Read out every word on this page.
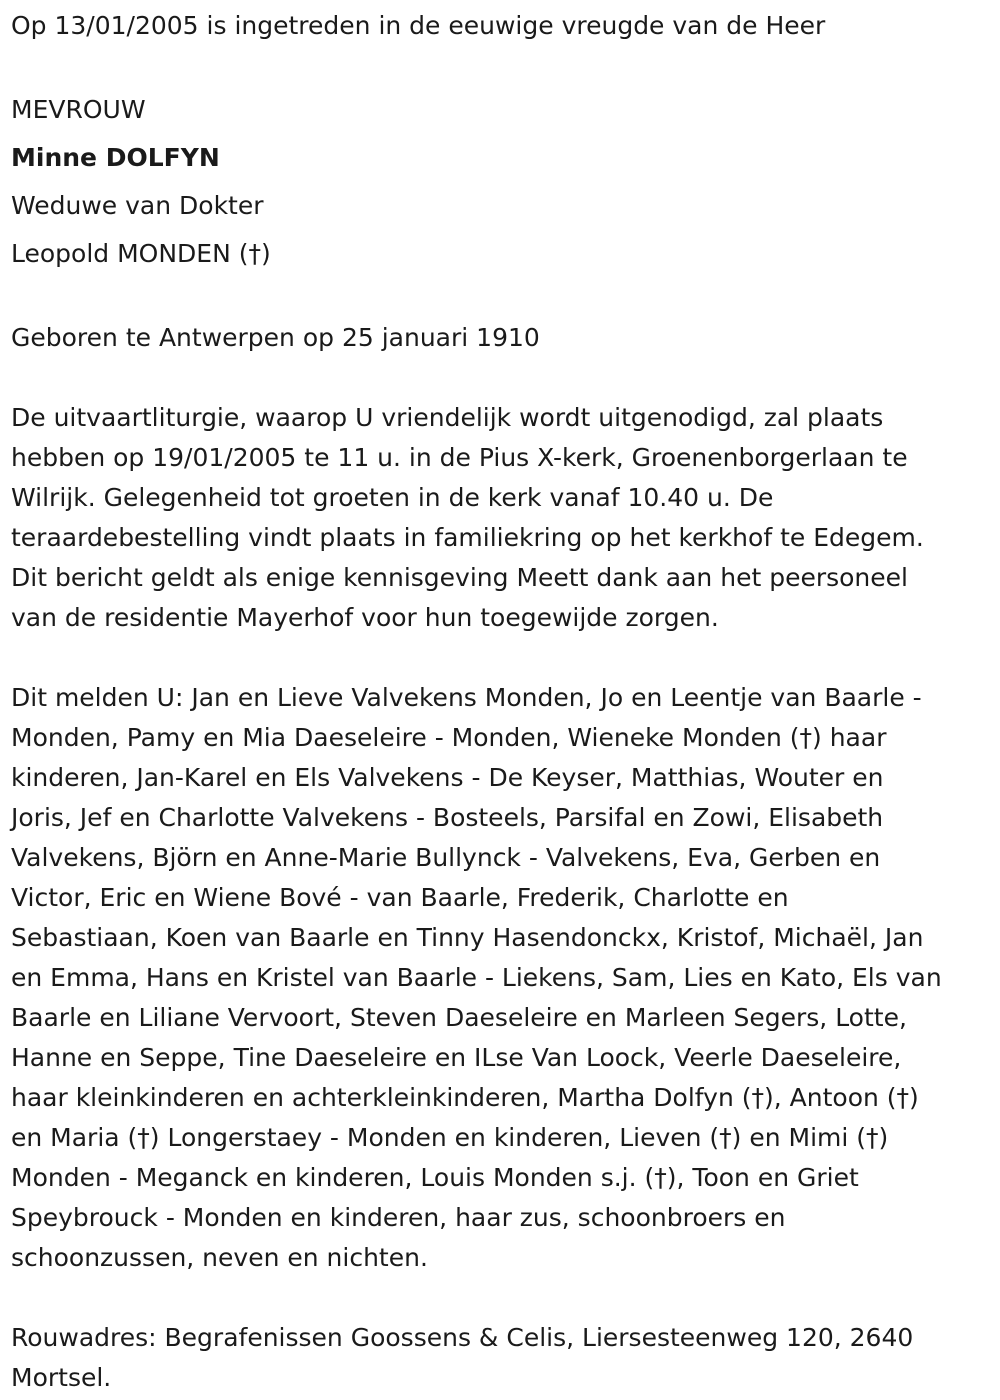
Op 13/01/2005 is ingetreden in de eeuwige vreugde van de Heer
MEVROUW
Minne DOLFYN
Weduwe van Dokter
Leopold MONDEN (†)
Geboren te Antwerpen op 25 januari 1910
De uitvaartliturgie, waarop U vriendelijk wordt uitgenodigd, zal plaats
hebben op 19/01/2005 te 11 u. in de Pius X-kerk, Groenenborgerlaan te
Wilrijk. Gelegenheid tot groeten in de kerk vanaf 10.40 u. De
teraardebestelling vindt plaats in familiekring op het kerkhof te Edegem.
Dit bericht geldt als enige kennisgeving Meett dank aan het peersoneel
van de residentie Mayerhof voor hun toegewijde zorgen.
Dit melden U: Jan en Lieve Valvekens Monden, Jo en Leentje van Baarle -
Monden, Pamy en Mia Daeseleire - Monden, Wieneke Monden (†) haar
kinderen, Jan-Karel en Els Valvekens - De Keyser, Matthias, Wouter en
Joris, Jef en Charlotte Valvekens - Bosteels, Parsifal en Zowi, Elisabeth
Valvekens, Björn en Anne-Marie Bullynck - Valvekens, Eva, Gerben en
Victor, Eric en Wiene Bové - van Baarle, Frederik, Charlotte en
Sebastiaan, Koen van Baarle en Tinny Hasendonckx, Kristof, Michaël, Jan
en Emma, Hans en Kristel van Baarle - Liekens, Sam, Lies en Kato, Els van
Baarle en Liliane Vervoort, Steven Daeseleire en Marleen Segers, Lotte,
Hanne en Seppe, Tine Daeseleire en ILse Van Loock, Veerle Daeseleire,
haar kleinkinderen en achterkleinkinderen, Martha Dolfyn (†), Antoon (†)
en Maria (†) Longerstaey - Monden en kinderen, Lieven (†) en Mimi (†)
Monden - Meganck en kinderen, Louis Monden s.j. (†), Toon en Griet
Speybrouck - Monden en kinderen, haar zus, schoonbroers en
schoonzussen, neven en nichten.
Rouwadres: Begrafenissen Goossens & Celis, Liersesteenweg 120, 2640
Mortsel.
